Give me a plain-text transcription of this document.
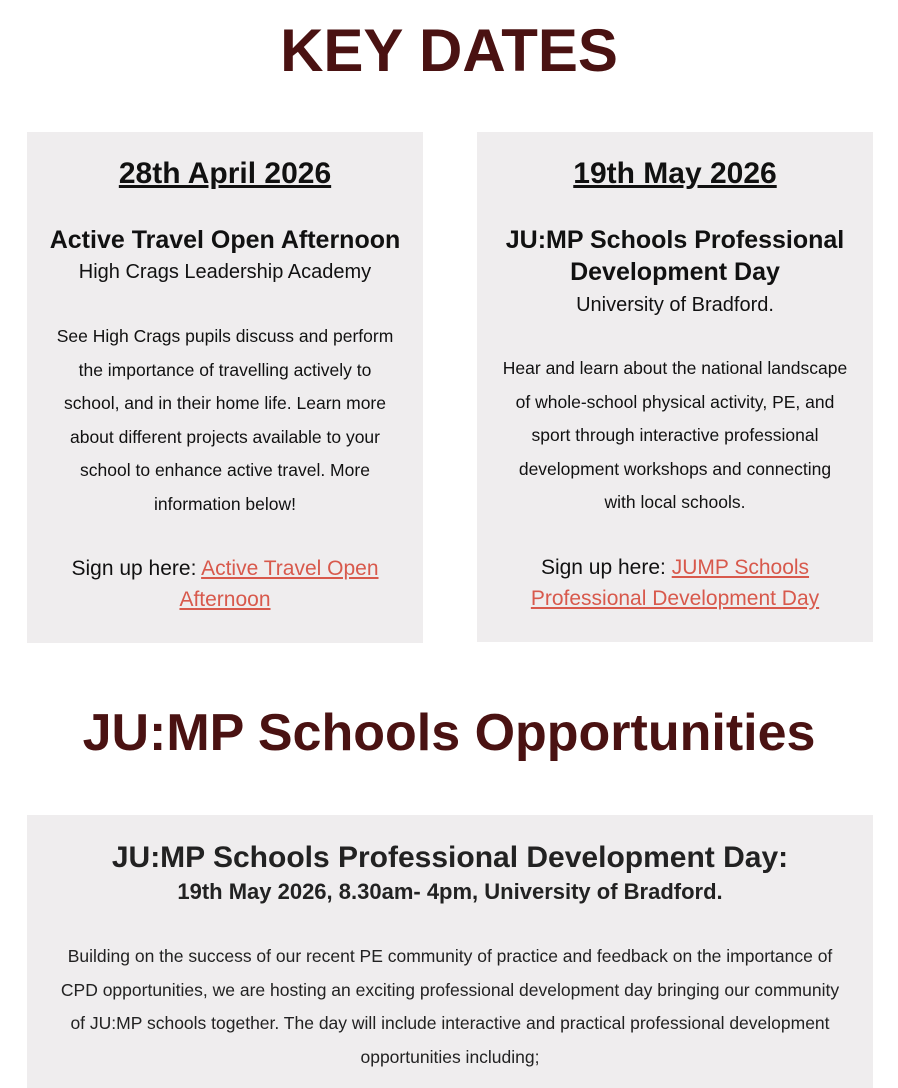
KEY DATES

28th April 2026

Active Travel Open Afternoon

High Crags Leadership Academy

See High Crags pupils discuss and perform the importance of travelling actively to school, and in their home life. Learn more about different projects available to your school to enhance active travel. More information below!

Sign up here: Active Travel Open Afternoon

19th May 2026

JU:MP Schools Professional Development Day

University of Bradford.

Hear and learn about the national landscape of whole-school physical activity, PE, and sport through interactive professional development workshops and connecting with local schools.

Sign up here: JUMP Schools Professional Development Day

JU:MP Schools Opportunities

JU:MP Schools Professional Development Day:

19th May 2026, 8.30am- 4pm, University of Bradford.

Building on the success of our recent PE community of practice and feedback on the importance of CPD opportunities, we are hosting an exciting professional development day bringing our community of JU:MP schools together. The day will include interactive and practical professional development opportunities including;
